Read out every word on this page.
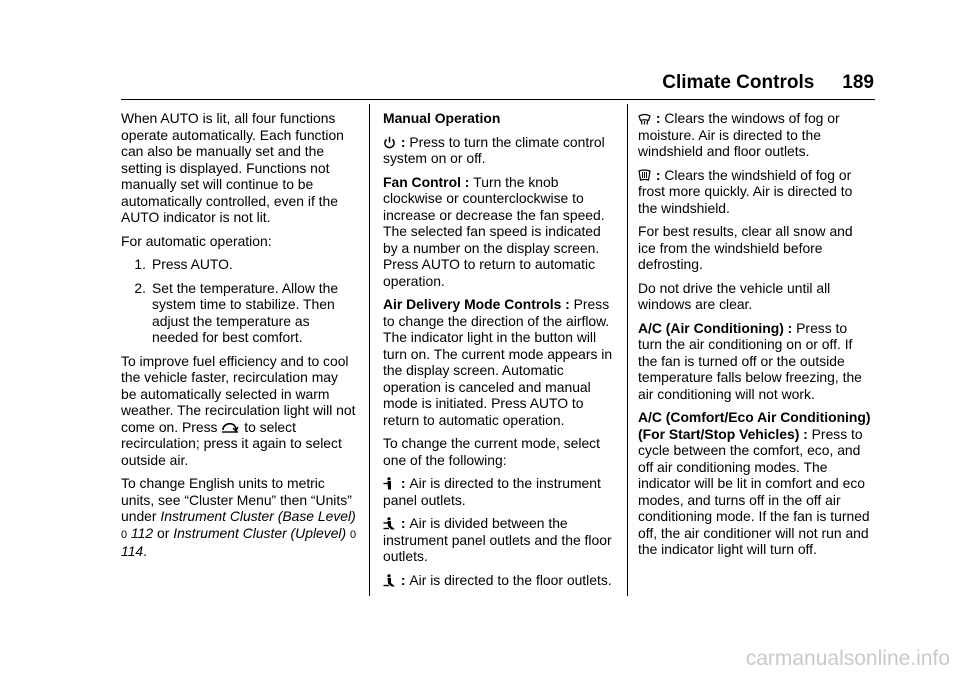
Climate Controls 189

When AUTO is lit, all four functions operate automatically. Each function can also be manually set and the setting is displayed. Functions not manually set will continue to be automatically controlled, even if the AUTO indicator is not lit.

For automatic operation:

1. Press AUTO.
2. Set the temperature. Allow the system time to stabilize. Then adjust the temperature as needed for best comfort.

To improve fuel efficiency and to cool the vehicle faster, recirculation may be automatically selected in warm weather. The recirculation light will not come on. Press to select recirculation; press it again to select outside air.

To change English units to metric units, see “Cluster Menu” then “Units” under Instrument Cluster (Base Level) 0 112 or Instrument Cluster (Uplevel) 0 114.

Manual Operation

: Press to turn the climate control system on or off.

Fan Control : Turn the knob clockwise or counterclockwise to increase or decrease the fan speed. The selected fan speed is indicated by a number on the display screen. Press AUTO to return to automatic operation.

Air Delivery Mode Controls : Press to change the direction of the airflow. The indicator light in the button will turn on. The current mode appears in the display screen. Automatic operation is canceled and manual mode is initiated. Press AUTO to return to automatic operation.

To change the current mode, select one of the following:

: Air is directed to the instrument panel outlets.

: Air is divided between the instrument panel outlets and the floor outlets.

: Air is directed to the floor outlets.

: Clears the windows of fog or moisture. Air is directed to the windshield and floor outlets.

: Clears the windshield of fog or frost more quickly. Air is directed to the windshield.

For best results, clear all snow and ice from the windshield before defrosting.

Do not drive the vehicle until all windows are clear.

A/C (Air Conditioning) : Press to turn the air conditioning on or off. If the fan is turned off or the outside temperature falls below freezing, the air conditioning will not work.

A/C (Comfort/Eco Air Conditioning) (For Start/Stop Vehicles) : Press to cycle between the comfort, eco, and off air conditioning modes. The indicator will be lit in comfort and eco modes, and turns off in the off air conditioning mode. If the fan is turned off, the air conditioner will not run and the indicator light will turn off.

carmanualsonline.info
